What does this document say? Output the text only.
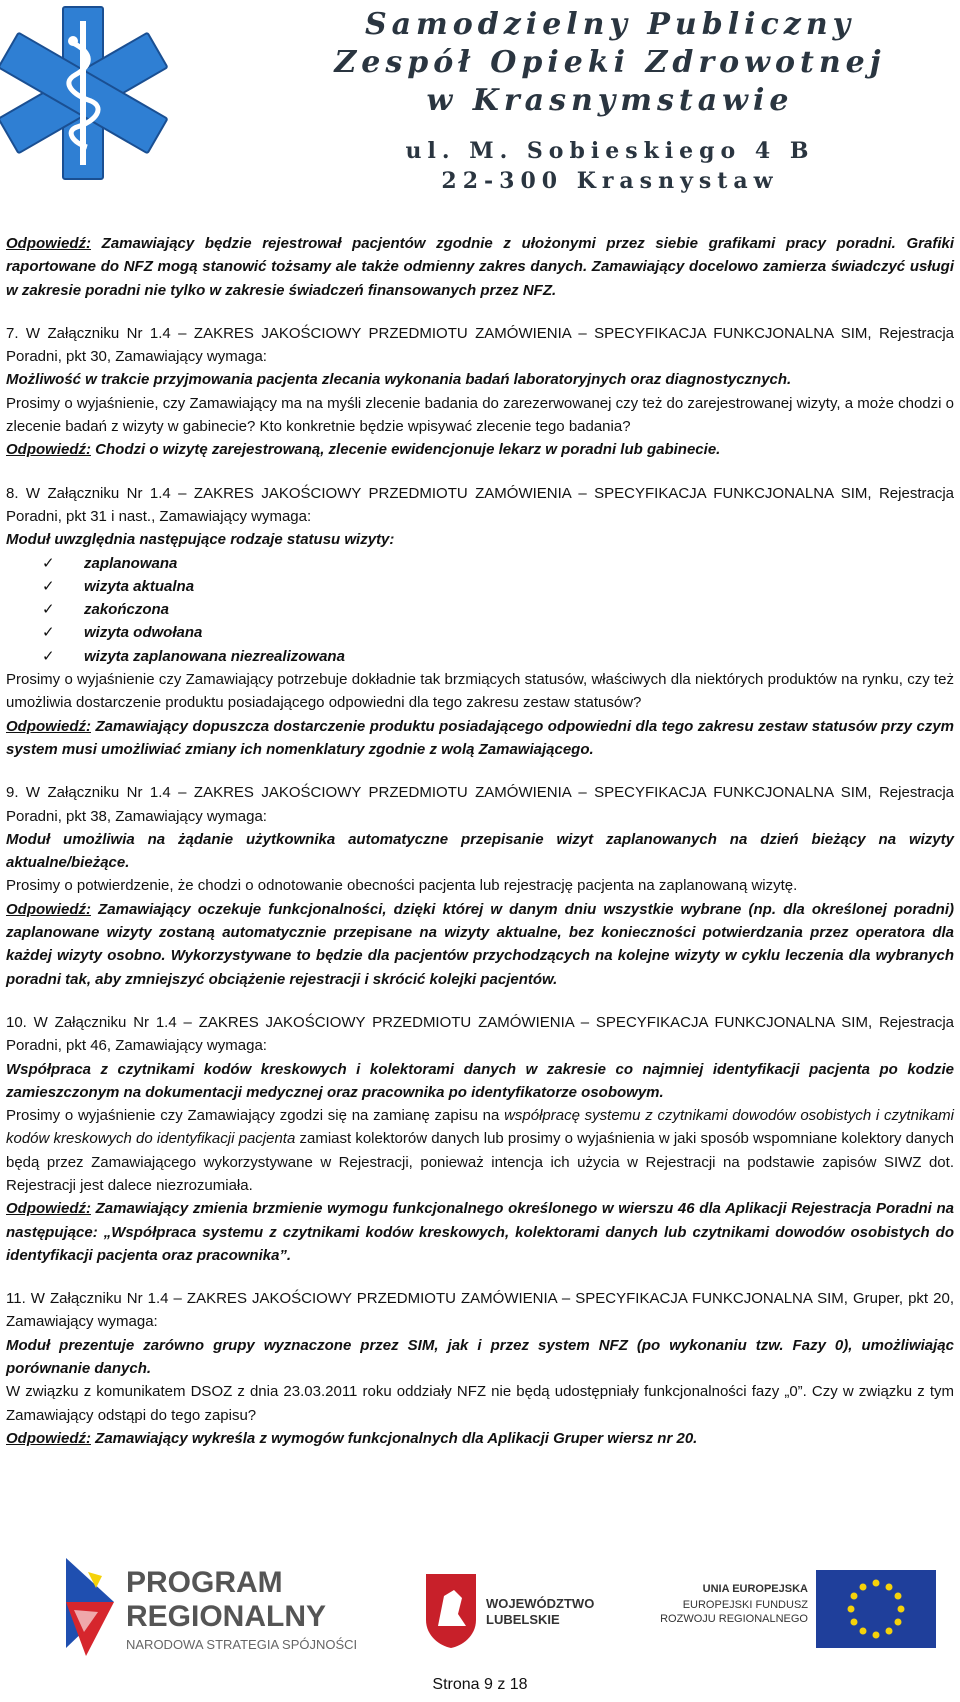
Samodzielny Publiczny
Zespół Opieki Zdrowotnej
w Krasnymstawie
ul. M. Sobieskiego 4 B
22-300 Krasnystaw

Odpowiedź: Zamawiający będzie rejestrował pacjentów zgodnie z ułożonymi przez siebie grafikami pracy poradni. Grafiki raportowane do NFZ mogą stanowić tożsamy ale także odmienny zakres danych. Zamawiający docelowo zamierza świadczyć usługi w zakresie poradni nie tylko w zakresie świadczeń finansowanych przez NFZ.

7. W Załączniku Nr 1.4 – ZAKRES JAKOŚCIOWY PRZEDMIOTU ZAMÓWIENIA – SPECYFIKACJA FUNKCJONALNA SIM, Rejestracja Poradni, pkt 30, Zamawiający wymaga:

Możliwość w trakcie przyjmowania pacjenta zlecania wykonania badań laboratoryjnych oraz diagnostycznych.

Prosimy o wyjaśnienie, czy Zamawiający ma na myśli zlecenie badania do zarezerwowanej czy też do zarejestrowanej wizyty, a może chodzi o zlecenie badań z wizyty w gabinecie? Kto konkretnie będzie wpisywać zlecenie tego badania?

Odpowiedź: Chodzi o wizytę zarejestrowaną, zlecenie ewidencjonuje lekarz w poradni lub gabinecie.

8. W Załączniku Nr 1.4 – ZAKRES JAKOŚCIOWY PRZEDMIOTU ZAMÓWIENIA – SPECYFIKACJA FUNKCJONALNA SIM, Rejestracja Poradni, pkt 31 i nast., Zamawiający wymaga:

Moduł uwzględnia następujące rodzaje statusu wizyty:

✓ zaplanowana
✓ wizyta aktualna
✓ zakończona
✓ wizyta odwołana
✓ wizyta zaplanowana niezrealizowana

Prosimy o wyjaśnienie czy Zamawiający potrzebuje dokładnie tak brzmiących statusów, właściwych dla niektórych produktów na rynku, czy też umożliwia dostarczenie produktu posiadającego odpowiedni dla tego zakresu zestaw statusów?

Odpowiedź: Zamawiający dopuszcza dostarczenie produktu posiadającego odpowiedni dla tego zakresu zestaw statusów przy czym system musi umożliwiać zmiany ich nomenklatury zgodnie z wolą Zamawiającego.

9. W Załączniku Nr 1.4 – ZAKRES JAKOŚCIOWY PRZEDMIOTU ZAMÓWIENIA – SPECYFIKACJA FUNKCJONALNA SIM, Rejestracja Poradni, pkt 38, Zamawiający wymaga:

Moduł umożliwia na żądanie użytkownika automatyczne przepisanie wizyt zaplanowanych na dzień bieżący na wizyty aktualne/bieżące.

Prosimy o potwierdzenie, że chodzi o odnotowanie obecności pacjenta lub rejestrację pacjenta na zaplanowaną wizytę.

Odpowiedź: Zamawiający oczekuje funkcjonalności, dzięki której w danym dniu wszystkie wybrane (np. dla określonej poradni) zaplanowane wizyty zostaną automatycznie przepisane na wizyty aktualne, bez konieczności potwierdzania przez operatora dla każdej wizyty osobno. Wykorzystywane to będzie dla pacjentów przychodzących na kolejne wizyty w cyklu leczenia dla wybranych poradni tak, aby zmniejszyć obciążenie rejestracji i skrócić kolejki pacjentów.

10. W Załączniku Nr 1.4 – ZAKRES JAKOŚCIOWY PRZEDMIOTU ZAMÓWIENIA – SPECYFIKACJA FUNKCJONALNA SIM, Rejestracja Poradni, pkt 46, Zamawiający wymaga:

Współpraca z czytnikami kodów kreskowych i kolektorami danych w zakresie co najmniej identyfikacji pacjenta po kodzie zamieszczonym na dokumentacji medycznej oraz pracownika po identyfikatorze osobowym.

Prosimy o wyjaśnienie czy Zamawiający zgodzi się na zamianę zapisu na współpracę systemu z czytnikami dowodów osobistych i czytnikami kodów kreskowych do identyfikacji pacjenta zamiast kolektorów danych lub prosimy o wyjaśnienia w jaki sposób wspomniane kolektory danych będą przez Zamawiającego wykorzystywane w Rejestracji, ponieważ intencja ich użycia w Rejestracji na podstawie zapisów SIWZ dot. Rejestracji jest dalece niezrozumiała.

Odpowiedź: Zamawiający zmienia brzmienie wymogu funkcjonalnego określonego w wierszu 46 dla Aplikacji Rejestracja Poradni na następujące: „Współpraca systemu z czytnikami kodów kreskowych, kolektorami danych lub czytnikami dowodów osobistych do identyfikacji pacjenta oraz pracownika”.

11. W Załączniku Nr 1.4 – ZAKRES JAKOŚCIOWY PRZEDMIOTU ZAMÓWIENIA – SPECYFIKACJA FUNKCJONALNA SIM, Gruper, pkt 20, Zamawiający wymaga:

Moduł prezentuje zarówno grupy wyznaczone przez SIM, jak i przez system NFZ (po wykonaniu tzw. Fazy 0), umożliwiając porównanie danych.

W związku z komunikatem DSOZ z dnia 23.03.2011 roku oddziały NFZ nie będą udostępniały funkcjonalności fazy „0”. Czy w związku z tym Zamawiający odstąpi do tego zapisu?

Odpowiedź: Zamawiający wykreśla z wymogów funkcjonalnych dla Aplikacji Gruper wiersz nr 20.

PROGRAM
REGIONALNY
NARODOWA STRATEGIA SPÓJNOŚCI
WOJEWÓDZTWO
LUBELSKIE
UNIA EUROPEJSKA
EUROPEJSKI FUNDUSZ
ROZWOJU REGIONALNEGO
Strona 9 z 18
